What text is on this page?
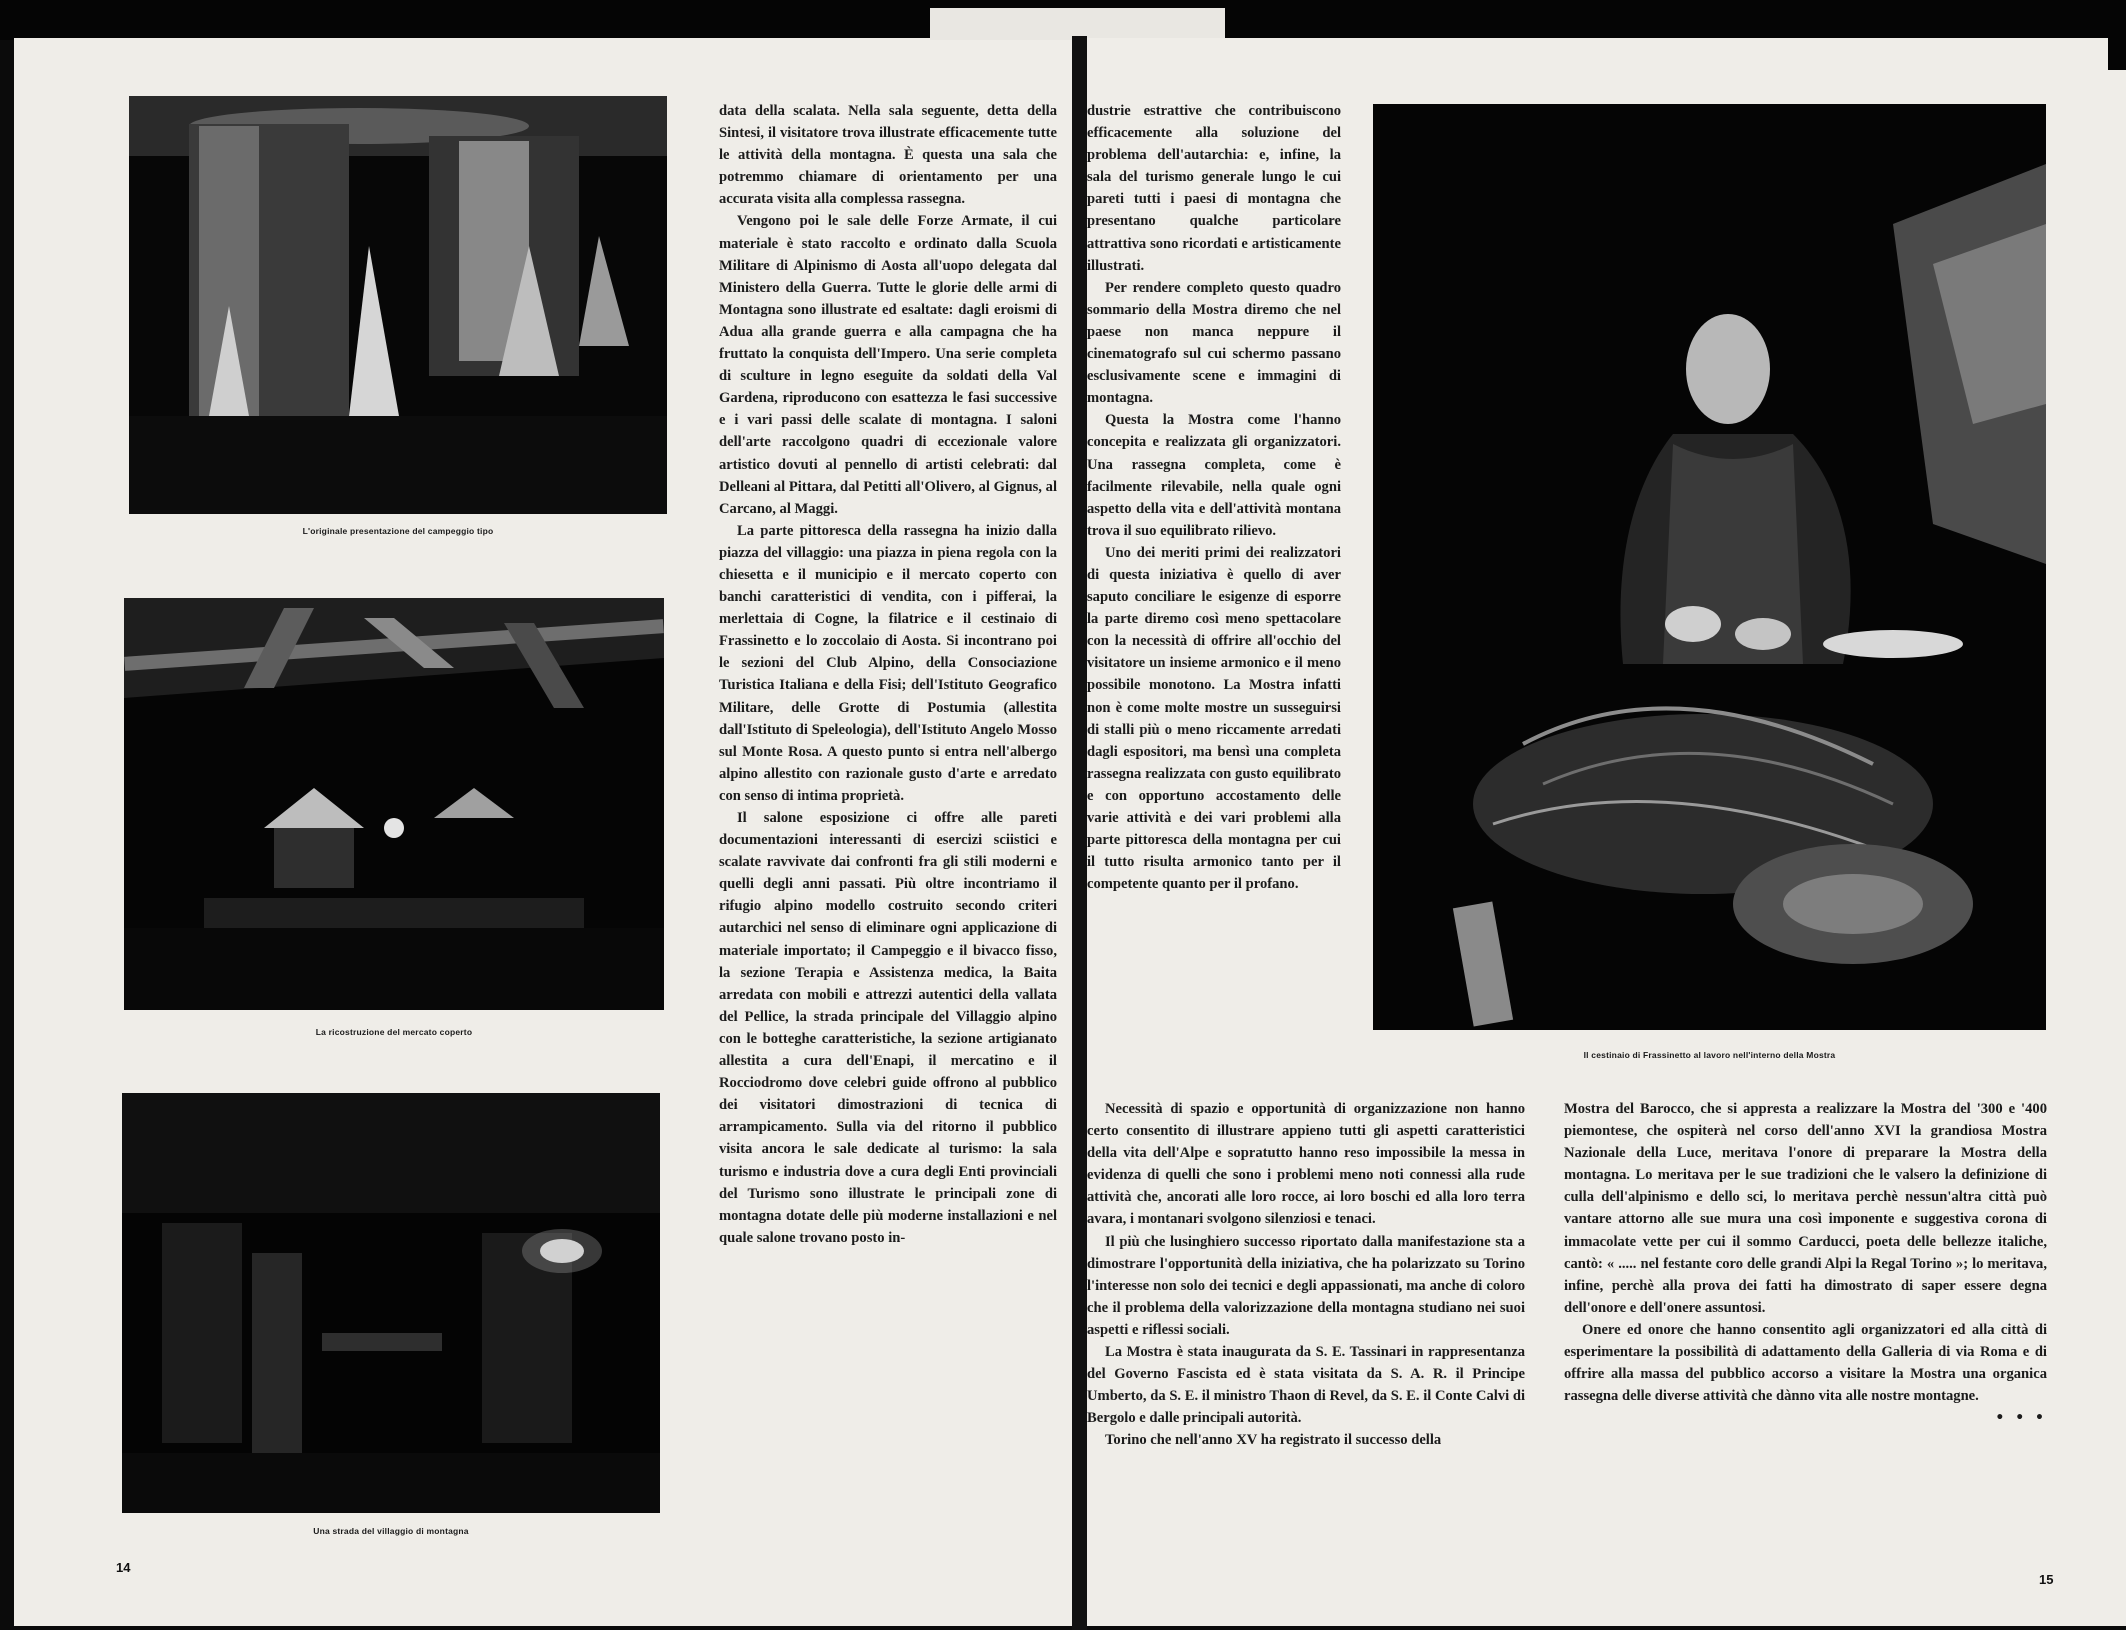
L'originale presentazione del campeggio tipo
La ricostruzione del mercato coperto
Una strada del villaggio di montagna

data della scalata. Nella sala seguente, detta della Sintesi, il visitatore trova illustrate efficacemente tutte le attività della montagna. È questa una sala che potremmo chiamare di orientamento per una accurata visita alla complessa rassegna.

Vengono poi le sale delle Forze Armate, il cui materiale è stato raccolto e ordinato dalla Scuola Militare di Alpinismo di Aosta all'uopo delegata dal Ministero della Guerra. Tutte le glorie delle armi di Montagna sono illustrate ed esaltate: dagli eroismi di Adua alla grande guerra e alla campagna che ha fruttato la conquista dell'Impero. Una serie completa di sculture in legno eseguite da soldati della Val Gardena, riproducono con esattezza le fasi successive e i vari passi delle scalate di montagna. I saloni dell'arte raccolgono quadri di eccezionale valore artistico dovuti al pennello di artisti celebrati: dal Delleani al Pittara, dal Petitti all'Olivero, al Gignus, al Carcano, al Maggi.

La parte pittoresca della rassegna ha inizio dalla piazza del villaggio: una piazza in piena regola con la chiesetta e il municipio e il mercato coperto con banchi caratteristici di vendita, con i pifferai, la merlettaia di Cogne, la filatrice e il cestinaio di Frassinetto e lo zoccolaio di Aosta. Si incontrano poi le sezioni del Club Alpino, della Consociazione Turistica Italiana e della Fisi; dell'Istituto Geografico Militare, delle Grotte di Postumia (allestita dall'Istituto di Speleologia), dell'Istituto Angelo Mosso sul Monte Rosa. A questo punto si entra nell'albergo alpino allestito con razionale gusto d'arte e arredato con senso di intima proprietà.

Il salone esposizione ci offre alle pareti documentazioni interessanti di esercizi sciistici e scalate ravvivate dai confronti fra gli stili moderni e quelli degli anni passati. Più oltre incontriamo il rifugio alpino modello costruito secondo criteri autarchici nel senso di eliminare ogni applicazione di materiale importato; il Campeggio e il bivacco fisso, la sezione Terapia e Assistenza medica, la Baita arredata con mobili e attrezzi autentici della vallata del Pellice, la strada principale del Villaggio alpino con le botteghe caratteristiche, la sezione artigianato allestita a cura dell'Enapi, il mercatino e il Rocciodromo dove celebri guide offrono al pubblico dei visitatori dimostrazioni di tecnica di arrampicamento. Sulla via del ritorno il pubblico visita ancora le sale dedicate al turismo: la sala turismo e industria dove a cura degli Enti provinciali del Turismo sono illustrate le principali zone di montagna dotate delle più moderne installazioni e nel quale salone trovano posto in-

14

dustrie estrattive che contribuiscono efficacemente alla soluzione del problema dell'autarchia: e, infine, la sala del turismo generale lungo le cui pareti tutti i paesi di montagna che presentano qualche particolare attrattiva sono ricordati e artisticamente illustrati.

Per rendere completo questo quadro sommario della Mostra diremo che nel paese non manca neppure il cinematografo sul cui schermo passano esclusivamente scene e immagini di montagna.

Questa la Mostra come l'hanno concepita e realizzata gli organizzatori. Una rassegna completa, come è facilmente rilevabile, nella quale ogni aspetto della vita e dell'attività montana trova il suo equilibrato rilievo.

Uno dei meriti primi dei realizzatori di questa iniziativa è quello di aver saputo conciliare le esigenze di esporre la parte diremo così meno spettacolare con la necessità di offrire all'occhio del visitatore un insieme armonico e il meno possibile monotono. La Mostra infatti non è come molte mostre un susseguirsi di stalli più o meno riccamente arredati dagli espositori, ma bensì una completa rassegna realizzata con gusto equilibrato e con opportuno accostamento delle varie attività e dei vari problemi alla parte pittoresca della montagna per cui il tutto risulta armonico tanto per il competente quanto per il profano.

Il cestinaio di Frassinetto al lavoro nell'interno della Mostra

Necessità di spazio e opportunità di organizzazione non hanno certo consentito di illustrare appieno tutti gli aspetti caratteristici della vita dell'Alpe e sopratutto hanno reso impossibile la messa in evidenza di quelli che sono i problemi meno noti connessi alla rude attività che, ancorati alle loro rocce, ai loro boschi ed alla loro terra avara, i montanari svolgono silenziosi e tenaci.

Il più che lusinghiero successo riportato dalla manifestazione sta a dimostrare l'opportunità della iniziativa, che ha polarizzato su Torino l'interesse non solo dei tecnici e degli appassionati, ma anche di coloro che il problema della valorizzazione della montagna studiano nei suoi aspetti e riflessi sociali.

La Mostra è stata inaugurata da S. E. Tassinari in rappresentanza del Governo Fascista ed è stata visitata da S. A. R. il Principe Umberto, da S. E. il ministro Thaon di Revel, da S. E. il Conte Calvi di Bergolo e dalle principali autorità.

Torino che nell'anno XV ha registrato il successo della

Mostra del Barocco, che si appresta a realizzare la Mostra del '300 e '400 piemontese, che ospiterà nel corso dell'anno XVI la grandiosa Mostra Nazionale della Luce, meritava l'onore di preparare la Mostra della montagna. Lo meritava per le sue tradizioni che le valsero la definizione di culla dell'alpinismo e dello sci, lo meritava perchè nessun'altra città può vantare attorno alle sue mura una così imponente e suggestiva corona di immacolate vette per cui il sommo Carducci, poeta delle bellezze italiche, cantò: « ..... nel festante coro delle grandi Alpi la Regal Torino »; lo meritava, infine, perchè alla prova dei fatti ha dimostrato di saper essere degna dell'onore e dell'onere assuntosi.

Onere ed onore che hanno consentito agli organizzatori ed alla città di esperimentare la possibilità di adattamento della Galleria di via Roma e di offrire alla massa del pubblico accorso a visitare la Mostra una organica rassegna delle diverse attività che dànno vita alle nostre montagne.
• • •

15
